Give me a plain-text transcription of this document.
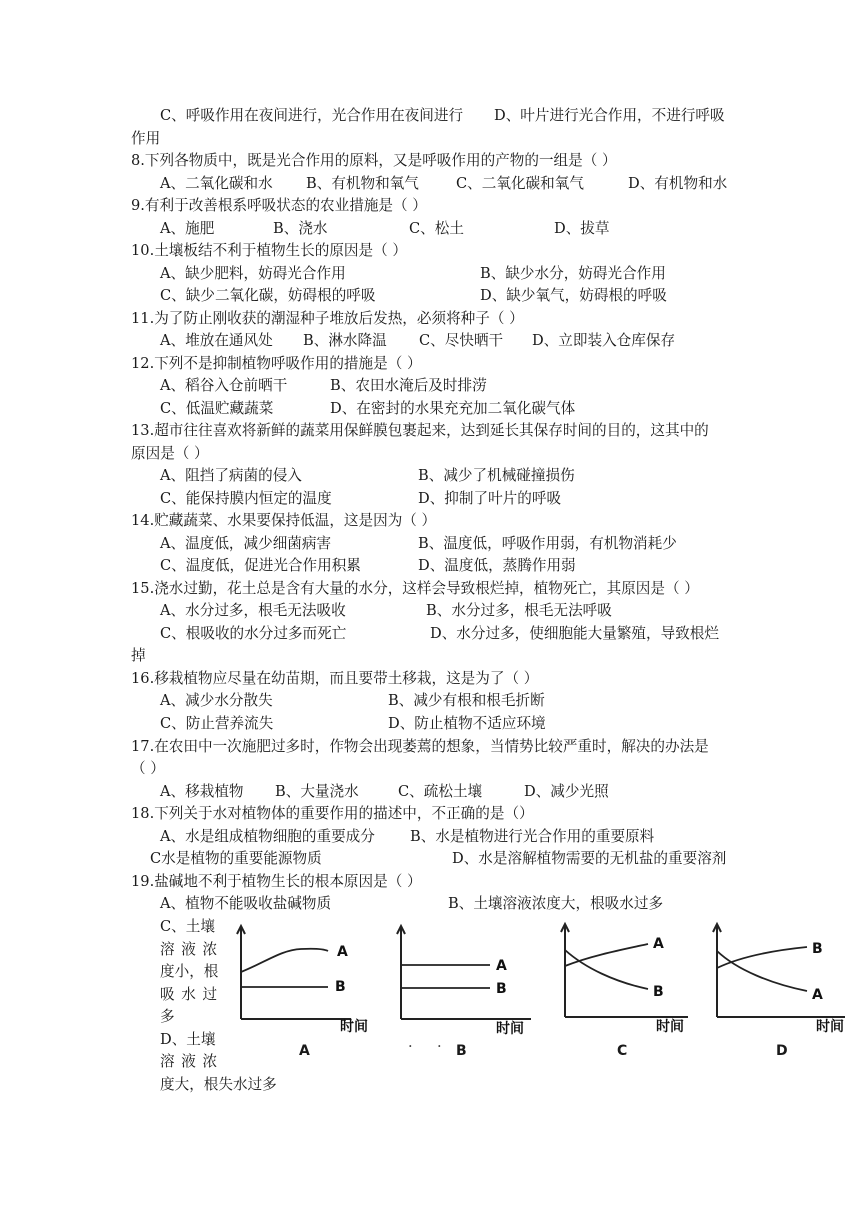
C、呼吸作用在夜间进行，光合作用在夜间进行 D、叶片进行光合作用，不进行呼吸
作用
8.下列各物质中，既是光合作用的原料，又是呼吸作用的产物的一组是（ ）
A、二氧化碳和水 B、有机物和氧气	C、二氧化碳和氧气	D、有机物和水
9.有利于改善根系呼吸状态的农业措施是（ ）
A、施肥	B、浇水	C、松土	D、拔草
10.土壤板结不利于植物生长的原因是（ ）
A、缺少肥料，妨碍光合作用	B、缺少水分，妨碍光合作用
C、缺少二氧化碳，妨碍根的呼吸	D、缺少氧气，妨碍根的呼吸
11.为了防止刚收获的潮湿种子堆放后发热，必须将种子（ ）
A、堆放在通风处 B、淋水降温 C、尽快晒干 D、立即装入仓库保存
12.下列不是抑制植物呼吸作用的措施是（ ）
A、稻谷入仓前晒干	B、农田水淹后及时排涝
C、低温贮藏蔬菜	D、在密封的水果充充加二氧化碳气体
13.超市往往喜欢将新鲜的蔬菜用保鲜膜包裹起来，达到延长其保存时间的目的，这其中的
原因是（ ）
A、阻挡了病菌的侵入	B、减少了机械碰撞损伤
C、能保持膜内恒定的温度	D、抑制了叶片的呼吸
14.贮藏蔬菜、水果要保持低温，这是因为（ ）
A、温度低，减少细菌病害	B、温度低，呼吸作用弱，有机物消耗少
C、温度低，促进光合作用积累	D、温度低，蒸腾作用弱
15.浇水过勤，花土总是含有大量的水分，这样会导致根烂掉，植物死亡，其原因是（ ）
A、水分过多，根毛无法吸收	B、水分过多，根毛无法呼吸
C、根吸收的水分过多而死亡	D、水分过多，使细胞能大量繁殖，导致根烂
掉
16.移栽植物应尽量在幼苗期，而且要带土移栽，这是为了（ ）
A、减少水分散失	B、减少有根和根毛折断
C、防止营养流失	D、防止植物不适应环境
17.在农田中一次施肥过多时，作物会出现萎蔫的想象，当情势比较严重时，解决的办法是
（ ）
A、移栽植物 B、大量浇水	C、疏松土壤	D、减少光照
18.下列关于水对植物体的重要作用的描述中，不正确的是（）
A、水是组成植物细胞的重要成分 B、水是植物进行光合作用的重要原料
C水是植物的重要能源物质	D、水是溶解植物需要的无机盐的重要溶剂
19.盐碱地不利于植物生长的根本原因是（ ）
A、植物不能吸收盐碱物质	B、土壤溶液浓度大，根吸水过多
C、土壤
溶 液 浓
度小，根
吸 水 过
多
D、土壤
溶 液 浓
度大，根失水过多
A
B
时间
A
A
B
时间
B
A
B
时间
C
B
A
时间
D
· ·
